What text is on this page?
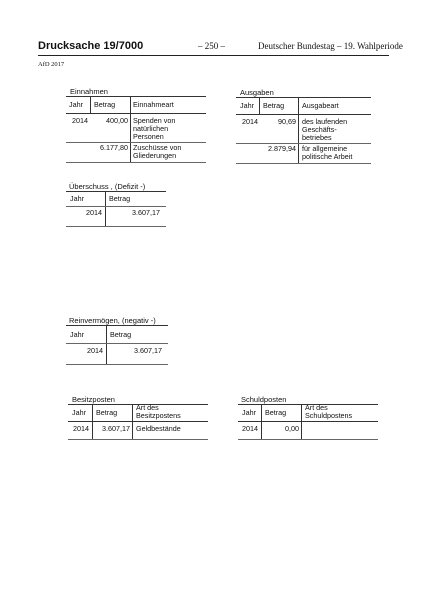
Drucksache 19/7000	– 250 –	Deutscher Bundestag – 19. Wahlperiode
AfD 2017
Einnahmen
Jahr Betrag Einnahmeart
2014	400,00 Spenden von
natürlichen
Personen
6.177,80 Zuschüsse von
Gliederungen
Ausgaben
Jahr Betrag Ausgabeart
2014	90,69 des laufenden
Geschäfts-
betriebes
2.879,94 für allgemeine
politische Arbeit
Überschuss , (Defizit -)
Jahr	Betrag
2014	3.607,17
Reinvermögen, (negativ -)
Jahr	Betrag
2014	3.607,17
Besitzposten
Jahr Betrag
Art des
Besitzpostens
2014	3.607,17 Geldbestände
Schuldposten
Jahr Betrag
Art des
Schuldpostens
2014	0,00
